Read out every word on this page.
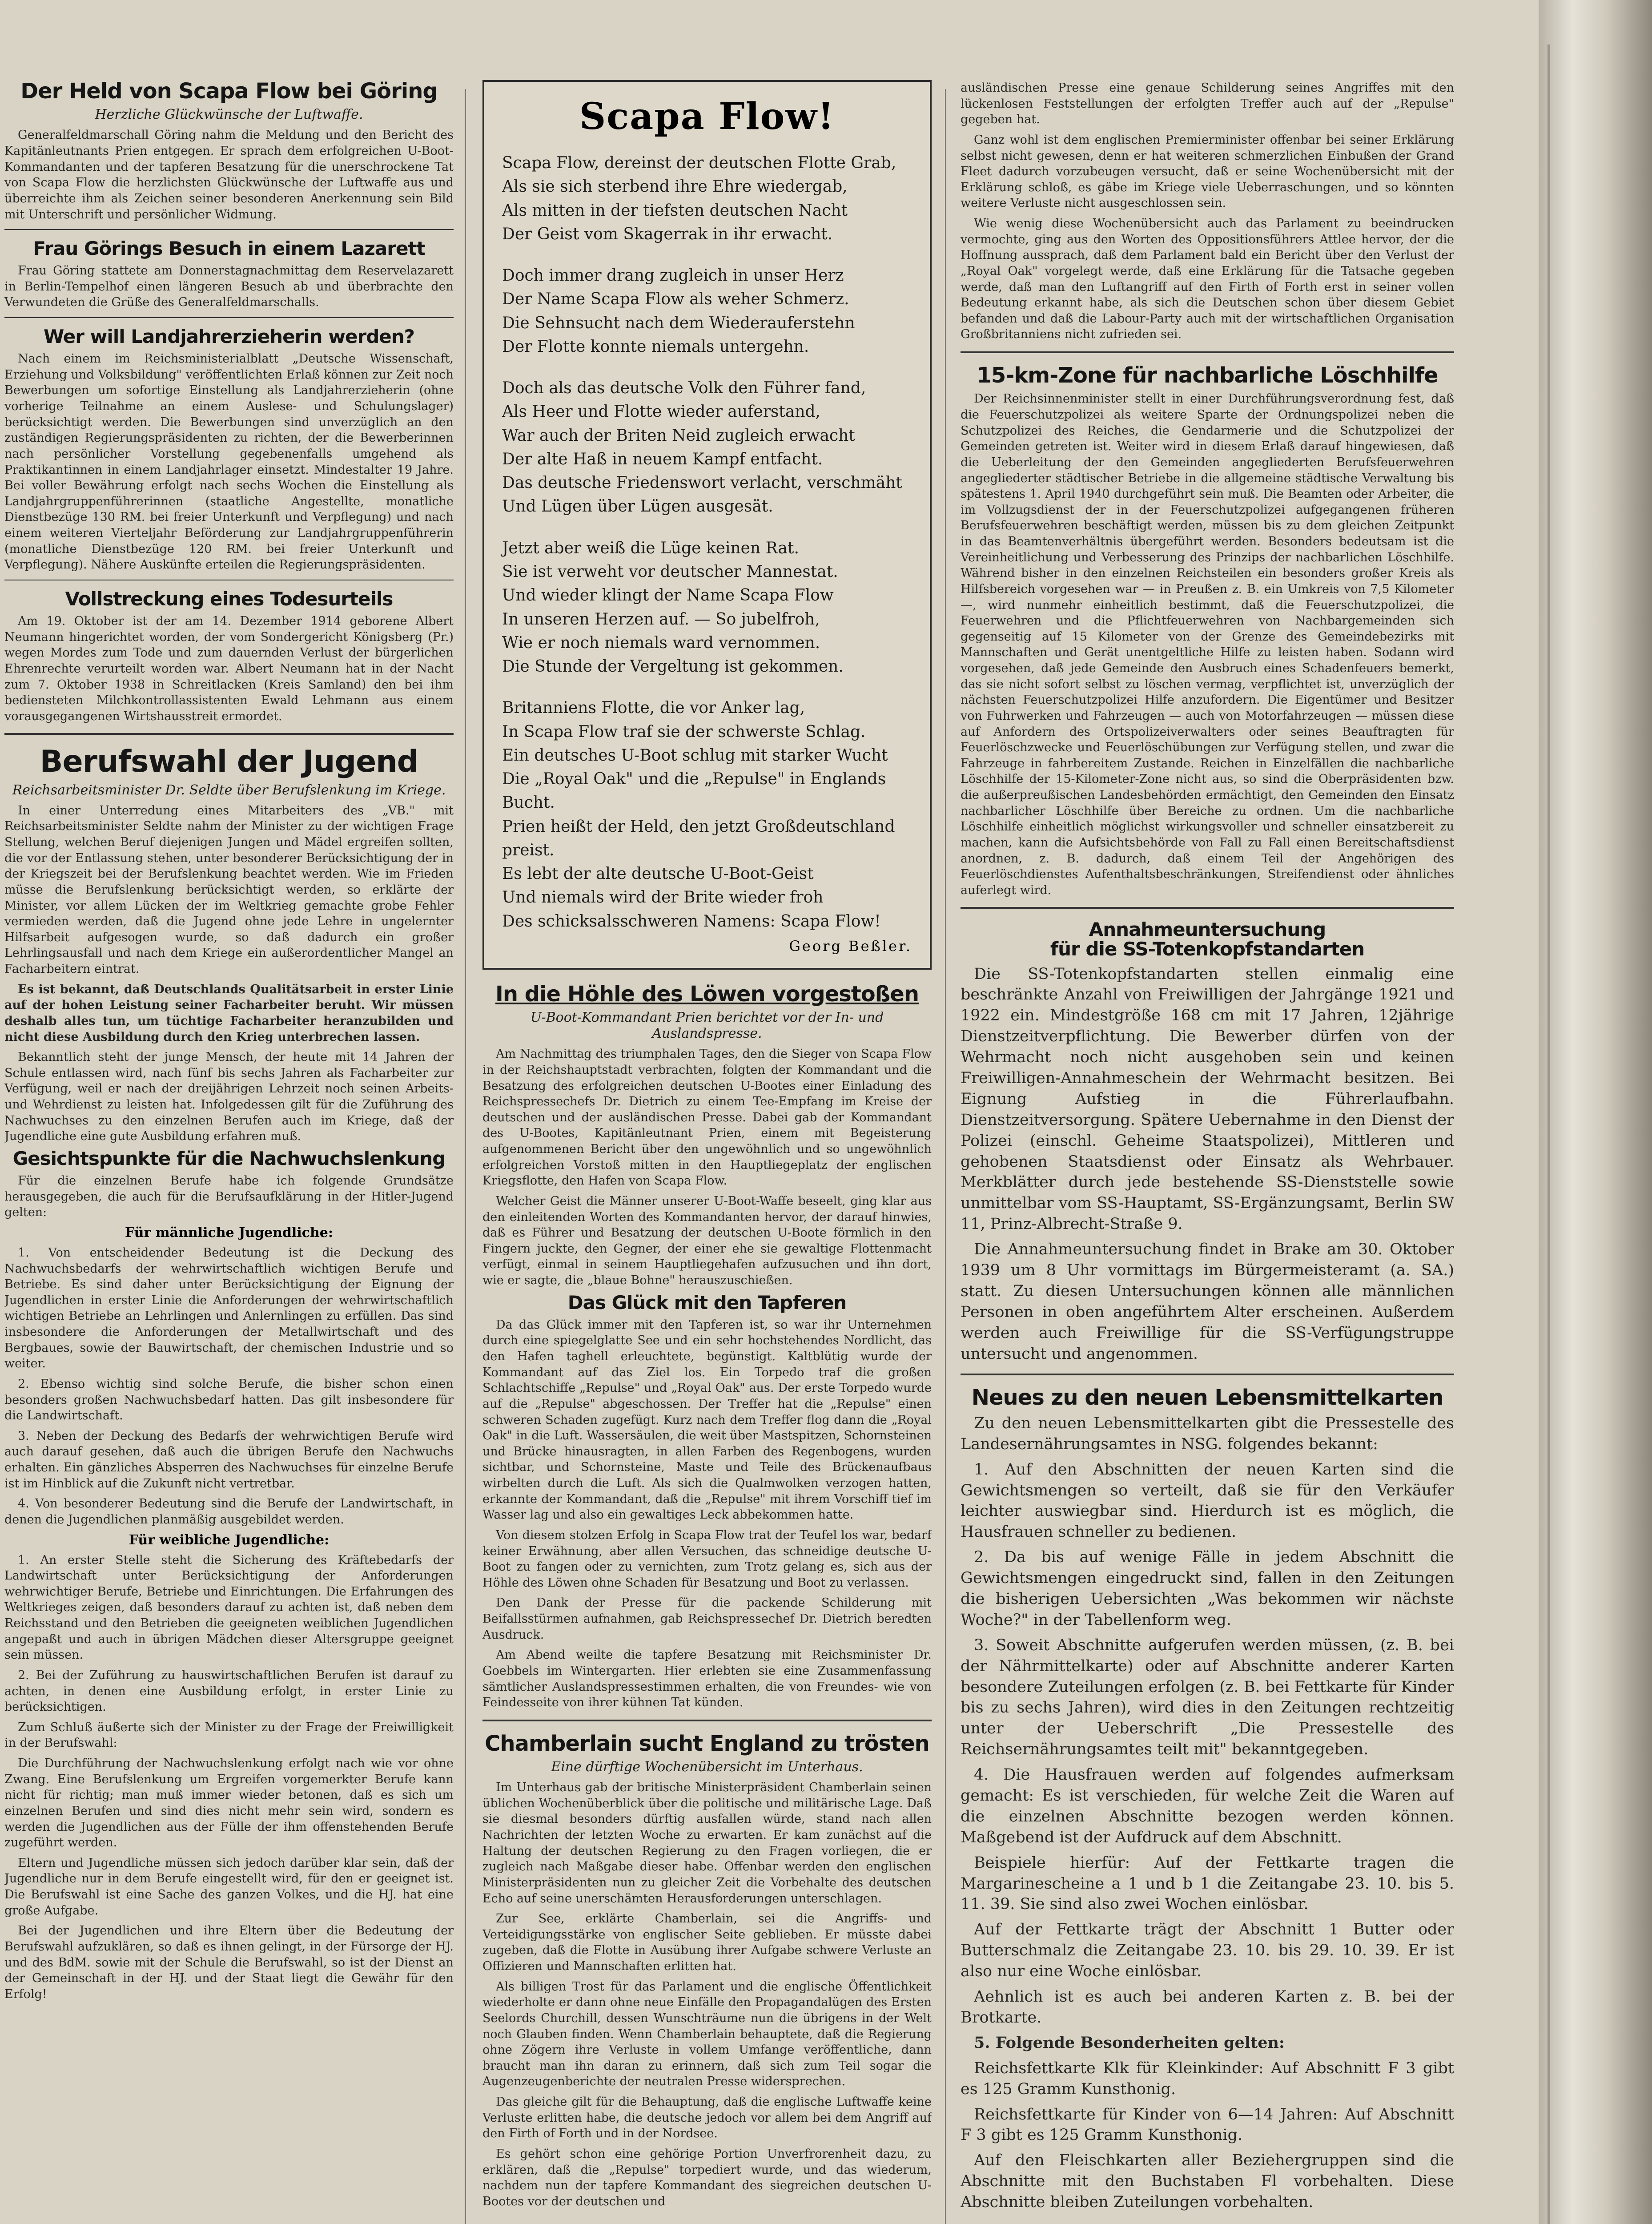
Der Held von Scapa Flow bei Göring
Herzliche Glückwünsche der Luftwaffe.

Generalfeldmarschall Göring nahm die Meldung und den Bericht des Kapitänleutnants Prien entgegen. Er sprach dem erfolgreichen U-Boot-Kommandanten und der tapferen Besatzung für die unerschrockene Tat von Scapa Flow die herzlichsten Glückwünsche der Luftwaffe aus und überreichte ihm als Zeichen seiner besonderen Anerkennung sein Bild mit Unterschrift und persönlicher Widmung.

Frau Görings Besuch in einem Lazarett

Frau Göring stattete am Donnerstagnachmittag dem Reservelazarett in Berlin-Tempelhof einen längeren Besuch ab und überbrachte den Verwundeten die Grüße des Generalfeldmarschalls.

Wer will Landjahrerzieherin werden?

Nach einem im Reichsministerialblatt „Deutsche Wissenschaft, Erziehung und Volksbildung" veröffentlichten Erlaß können zur Zeit noch Bewerbungen um sofortige Einstellung als Landjahrerzieherin (ohne vorherige Teilnahme an einem Auslese- und Schulungslager) berücksichtigt werden. Die Bewerbungen sind unverzüglich an den zuständigen Regierungspräsidenten zu richten, der die Bewerberinnen nach persönlicher Vorstellung gegebenenfalls umgehend als Praktikantinnen in einem Landjahrlager einsetzt. Mindestalter 19 Jahre. Bei voller Bewährung erfolgt nach sechs Wochen die Einstellung als Landjahrgruppenführerinnen (staatliche Angestellte, monatliche Dienstbezüge 130 RM. bei freier Unterkunft und Verpflegung) und nach einem weiteren Vierteljahr Beförderung zur Landjahrgruppenführerin (monatliche Dienstbezüge 120 RM. bei freier Unterkunft und Verpflegung). Nähere Auskünfte erteilen die Regierungspräsidenten.

Vollstreckung eines Todesurteils

Am 19. Oktober ist der am 14. Dezember 1914 geborene Albert Neumann hingerichtet worden, der vom Sondergericht Königsberg (Pr.) wegen Mordes zum Tode und zum dauernden Verlust der bürgerlichen Ehrenrechte verurteilt worden war. Albert Neumann hat in der Nacht zum 7. Oktober 1938 in Schreitlacken (Kreis Samland) den bei ihm bediensteten Milchkontrollassistenten Ewald Lehmann aus einem vorausgegangenen Wirtshausstreit ermordet.

Berufswahl der Jugend
Reichsarbeitsminister Dr. Seldte über Berufslenkung im Kriege.

In einer Unterredung eines Mitarbeiters des „VB." mit Reichsarbeitsminister Seldte nahm der Minister zu der wichtigen Frage Stellung, welchen Beruf diejenigen Jungen und Mädel ergreifen sollten, die vor der Entlassung stehen, unter besonderer Berücksichtigung der in der Kriegszeit bei der Berufslenkung beachtet werden. Wie im Frieden müsse die Berufslenkung berücksichtigt werden, so erklärte der Minister, vor allem Lücken der im Weltkrieg gemachte grobe Fehler vermieden werden, daß die Jugend ohne jede Lehre in ungelernter Hilfsarbeit aufgesogen wurde, so daß dadurch ein großer Lehrlingsausfall und nach dem Kriege ein außerordentlicher Mangel an Facharbeitern eintrat.

Es ist bekannt, daß Deutschlands Qualitätsarbeit in erster Linie auf der hohen Leistung seiner Facharbeiter beruht. Wir müssen deshalb alles tun, um tüchtige Facharbeiter heranzubilden und nicht diese Ausbildung durch den Krieg unterbrechen lassen.

Bekanntlich steht der junge Mensch, der heute mit 14 Jahren der Schule entlassen wird, nach fünf bis sechs Jahren als Facharbeiter zur Verfügung, weil er nach der dreijährigen Lehrzeit noch seinen Arbeits- und Wehrdienst zu leisten hat. Infolgedessen gilt für die Zuführung des Nachwuchses zu den einzelnen Berufen auch im Kriege, daß der Jugendliche eine gute Ausbildung erfahren muß.

Gesichtspunkte für die Nachwuchslenkung

Für die einzelnen Berufe habe ich folgende Grundsätze herausgegeben, die auch für die Berufsaufklärung in der Hitler-Jugend gelten:

Für männliche Jugendliche:

1. Von entscheidender Bedeutung ist die Deckung des Nachwuchsbedarfs der wehrwirtschaftlich wichtigen Berufe und Betriebe. Es sind daher unter Berücksichtigung der Eignung der Jugendlichen in erster Linie die Anforderungen der wehrwirtschaftlich wichtigen Betriebe an Lehrlingen und Anlernlingen zu erfüllen. Das sind insbesondere die Anforderungen der Metallwirtschaft und des Bergbaues, sowie der Bauwirtschaft, der chemischen Industrie und so weiter.

2. Ebenso wichtig sind solche Berufe, die bisher schon einen besonders großen Nachwuchsbedarf hatten. Das gilt insbesondere für die Landwirtschaft.

3. Neben der Deckung des Bedarfs der wehrwichtigen Berufe wird auch darauf gesehen, daß auch die übrigen Berufe den Nachwuchs erhalten. Ein gänzliches Absperren des Nachwuchses für einzelne Berufe ist im Hinblick auf die Zukunft nicht vertretbar.

4. Von besonderer Bedeutung sind die Berufe der Landwirtschaft, in denen die Jugendlichen planmäßig ausgebildet werden.

Für weibliche Jugendliche:

1. An erster Stelle steht die Sicherung des Kräftebedarfs der Landwirtschaft unter Berücksichtigung der Anforderungen wehrwichtiger Berufe, Betriebe und Einrichtungen. Die Erfahrungen des Weltkrieges zeigen, daß besonders darauf zu achten ist, daß neben dem Reichsstand und den Betrieben die geeigneten weiblichen Jugendlichen angepaßt und auch in übrigen Mädchen dieser Altersgruppe geeignet sein müssen.

2. Bei der Zuführung zu hauswirtschaftlichen Berufen ist darauf zu achten, in denen eine Ausbildung erfolgt, in erster Linie zu berücksichtigen.

Zum Schluß äußerte sich der Minister zu der Frage der Freiwilligkeit in der Berufswahl:

Die Durchführung der Nachwuchslenkung erfolgt nach wie vor ohne Zwang. Eine Berufslenkung um Ergreifen vorgemerkter Berufe kann nicht für richtig; man muß immer wieder betonen, daß es sich um einzelnen Berufen und sind dies nicht mehr sein wird, sondern es werden die Jugendlichen aus der Fülle der ihm offenstehenden Berufe zugeführt werden.

Eltern und Jugendliche müssen sich jedoch darüber klar sein, daß der Jugendliche nur in dem Berufe eingestellt wird, für den er geeignet ist. Die Berufswahl ist eine Sache des ganzen Volkes, und die HJ. hat eine große Aufgabe.

Bei der Jugendlichen und ihre Eltern über die Bedeutung der Berufswahl aufzuklären, so daß es ihnen gelingt, in der Fürsorge der HJ. und des BdM. sowie mit der Schule die Berufswahl, so ist der Dienst an der Gemeinschaft in der HJ. und der Staat liegt die Gewähr für den Erfolg!

Scapa Flow!
Scapa Flow, dereinst der deutschen Flotte Grab,
Als sie sich sterbend ihre Ehre wiedergab,
Als mitten in der tiefsten deutschen Nacht
Der Geist vom Skagerrak in ihr erwacht.
Doch immer drang zugleich in unser Herz
Der Name Scapa Flow als weher Schmerz.
Die Sehnsucht nach dem Wiederauferstehn
Der Flotte konnte niemals untergehn.
Doch als das deutsche Volk den Führer fand,
Als Heer und Flotte wieder auferstand,
War auch der Briten Neid zugleich erwacht
Der alte Haß in neuem Kampf entfacht.
Das deutsche Friedenswort verlacht, verschmäht
Und Lügen über Lügen ausgesät.
Jetzt aber weiß die Lüge keinen Rat.
Sie ist verweht vor deutscher Mannestat.
Und wieder klingt der Name Scapa Flow
In unseren Herzen auf. — So jubelfroh,
Wie er noch niemals ward vernommen.
Die Stunde der Vergeltung ist gekommen.
Britanniens Flotte, die vor Anker lag,
In Scapa Flow traf sie der schwerste Schlag.
Ein deutsches U-Boot schlug mit starker Wucht
Die „Royal Oak" und die „Repulse" in Englands Bucht.
Prien heißt der Held, den jetzt Großdeutschland preist.
Es lebt der alte deutsche U-Boot-Geist
Und niemals wird der Brite wieder froh
Des schicksalsschweren Namens: Scapa Flow!
Georg Beßler.
In die Höhle des Löwen vorgestoßen
U-Boot-Kommandant Prien berichtet vor der In- und Auslandspresse.

Am Nachmittag des triumphalen Tages, den die Sieger von Scapa Flow in der Reichshauptstadt verbrachten, folgten der Kommandant und die Besatzung des erfolgreichen deutschen U-Bootes einer Einladung des Reichspressechefs Dr. Dietrich zu einem Tee-Empfang im Kreise der deutschen und der ausländischen Presse. Dabei gab der Kommandant des U-Bootes, Kapitänleutnant Prien, einem mit Begeisterung aufgenommenen Bericht über den ungewöhnlich und so ungewöhnlich erfolgreichen Vorstoß mitten in den Hauptliegeplatz der englischen Kriegsflotte, den Hafen von Scapa Flow.

Welcher Geist die Männer unserer U-Boot-Waffe beseelt, ging klar aus den einleitenden Worten des Kommandanten hervor, der darauf hinwies, daß es Führer und Besatzung der deutschen U-Boote förmlich in den Fingern juckte, den Gegner, der einer ehe sie gewaltige Flottenmacht verfügt, einmal in seinem Hauptliegehafen aufzusuchen und ihn dort, wie er sagte, die „blaue Bohne" herauszuschießen.

Das Glück mit den Tapferen

Da das Glück immer mit den Tapferen ist, so war ihr Unternehmen durch eine spiegelglatte See und ein sehr hochstehendes Nordlicht, das den Hafen taghell erleuchtete, begünstigt. Kaltblütig wurde der Kommandant auf das Ziel los. Ein Torpedo traf die großen Schlachtschiffe „Repulse" und „Royal Oak" aus. Der erste Torpedo wurde auf die „Repulse" abgeschossen. Der Treffer hat die „Repulse" einen schweren Schaden zugefügt. Kurz nach dem Treffer flog dann die „Royal Oak" in die Luft. Wassersäulen, die weit über Mastspitzen, Schornsteinen und Brücke hinausragten, in allen Farben des Regenbogens, wurden sichtbar, und Schornsteine, Maste und Teile des Brückenaufbaus wirbelten durch die Luft. Als sich die Qualmwolken verzogen hatten, erkannte der Kommandant, daß die „Repulse" mit ihrem Vorschiff tief im Wasser lag und also ein gewaltiges Leck abbekommen hatte.

Von diesem stolzen Erfolg in Scapa Flow trat der Teufel los war, bedarf keiner Erwähnung, aber allen Versuchen, das schneidige deutsche U-Boot zu fangen oder zu vernichten, zum Trotz gelang es, sich aus der Höhle des Löwen ohne Schaden für Besatzung und Boot zu verlassen.

Den Dank der Presse für die packende Schilderung mit Beifallsstürmen aufnahmen, gab Reichspressechef Dr. Dietrich beredten Ausdruck.

Am Abend weilte die tapfere Besatzung mit Reichsminister Dr. Goebbels im Wintergarten. Hier erlebten sie eine Zusammenfassung sämtlicher Auslandspressestimmen erhalten, die von Freundes- wie von Feindesseite von ihrer kühnen Tat künden.

Chamberlain sucht England zu trösten
Eine dürftige Wochenübersicht im Unterhaus.

Im Unterhaus gab der britische Ministerpräsident Chamberlain seinen üblichen Wochenüberblick über die politische und militärische Lage. Daß sie diesmal besonders dürftig ausfallen würde, stand nach allen Nachrichten der letzten Woche zu erwarten. Er kam zunächst auf die Haltung der deutschen Regierung zu den Fragen vorliegen, die er zugleich nach Maßgabe dieser habe. Offenbar werden den englischen Ministerpräsidenten nun zu gleicher Zeit die Vorbehalte des deutschen Echo auf seine unerschämten Herausforderungen unterschlagen.

Zur See, erklärte Chamberlain, sei die Angriffs- und Verteidigungsstärke von englischer Seite geblieben. Er müsste dabei zugeben, daß die Flotte in Ausübung ihrer Aufgabe schwere Verluste an Offizieren und Mannschaften erlitten hat.

Als billigen Trost für das Parlament und die englische Öffentlichkeit wiederholte er dann ohne neue Einfälle den Propagandalügen des Ersten Seelords Churchill, dessen Wunschträume nun die übrigens in der Welt noch Glauben finden. Wenn Chamberlain behauptete, daß die Regierung ohne Zögern ihre Verluste in vollem Umfange veröffentliche, dann braucht man ihn daran zu erinnern, daß sich zum Teil sogar die Augenzeugenberichte der neutralen Presse widersprechen.

Das gleiche gilt für die Behauptung, daß die englische Luftwaffe keine Verluste erlitten habe, die deutsche jedoch vor allem bei dem Angriff auf den Firth of Forth und in der Nordsee.

Es gehört schon eine gehörige Portion Unverfrorenheit dazu, zu erklären, daß die „Repulse" torpediert wurde, und das wiederum, nachdem nun der tapfere Kommandant des siegreichen deutschen U-Bootes vor der deutschen und

ausländischen Presse eine genaue Schilderung seines Angriffes mit den lückenlosen Feststellungen der erfolgten Treffer auch auf der „Repulse" gegeben hat.

Ganz wohl ist dem englischen Premierminister offenbar bei seiner Erklärung selbst nicht gewesen, denn er hat weiteren schmerzlichen Einbußen der Grand Fleet dadurch vorzubeugen versucht, daß er seine Wochenübersicht mit der Erklärung schloß, es gäbe im Kriege viele Ueberraschungen, und so könnten weitere Verluste nicht ausgeschlossen sein.

Wie wenig diese Wochenübersicht auch das Parlament zu beeindrucken vermochte, ging aus den Worten des Oppositionsführers Attlee hervor, der die Hoffnung aussprach, daß dem Parlament bald ein Bericht über den Verlust der „Royal Oak" vorgelegt werde, daß eine Erklärung für die Tatsache gegeben werde, daß man den Luftangriff auf den Firth of Forth erst in seiner vollen Bedeutung erkannt habe, als sich die Deutschen schon über diesem Gebiet befanden und daß die Labour-Party auch mit der wirtschaftlichen Organisation Großbritanniens nicht zufrieden sei.

15-km-Zone für nachbarliche Löschhilfe

Der Reichsinnenminister stellt in einer Durchführungsverordnung fest, daß die Feuerschutzpolizei als weitere Sparte der Ordnungspolizei neben die Schutzpolizei des Reiches, die Gendarmerie und die Schutzpolizei der Gemeinden getreten ist. Weiter wird in diesem Erlaß darauf hingewiesen, daß die Ueberleitung der den Gemeinden angegliederten Berufsfeuerwehren angegliederter städtischer Betriebe in die allgemeine städtische Verwaltung bis spätestens 1. April 1940 durchgeführt sein muß. Die Beamten oder Arbeiter, die im Vollzugsdienst der in der Feuerschutzpolizei aufgegangenen früheren Berufsfeuerwehren beschäftigt werden, müssen bis zu dem gleichen Zeitpunkt in das Beamtenverhältnis übergeführt werden. Besonders bedeutsam ist die Vereinheitlichung und Verbesserung des Prinzips der nachbarlichen Löschhilfe. Während bisher in den einzelnen Reichsteilen ein besonders großer Kreis als Hilfsbereich vorgesehen war — in Preußen z. B. ein Umkreis von 7,5 Kilometer —, wird nunmehr einheitlich bestimmt, daß die Feuerschutzpolizei, die Feuerwehren und die Pflichtfeuerwehren von Nachbargemeinden sich gegenseitig auf 15 Kilometer von der Grenze des Gemeindebezirks mit Mannschaften und Gerät unentgeltliche Hilfe zu leisten haben. Sodann wird vorgesehen, daß jede Gemeinde den Ausbruch eines Schadenfeuers bemerkt, das sie nicht sofort selbst zu löschen vermag, verpflichtet ist, unverzüglich der nächsten Feuerschutzpolizei Hilfe anzufordern. Die Eigentümer und Besitzer von Fuhrwerken und Fahrzeugen — auch von Motorfahrzeugen — müssen diese auf Anfordern des Ortspolizeiverwalters oder seines Beauftragten für Feuerlöschzwecke und Feuerlöschübungen zur Verfügung stellen, und zwar die Fahrzeuge in fahrbereitem Zustande. Reichen in Einzelfällen die nachbarliche Löschhilfe der 15-Kilometer-Zone nicht aus, so sind die Oberpräsidenten bzw. die außerpreußischen Landesbehörden ermächtigt, den Gemeinden den Einsatz nachbarlicher Löschhilfe über Bereiche zu ordnen. Um die nachbarliche Löschhilfe einheitlich möglichst wirkungsvoller und schneller einsatzbereit zu machen, kann die Aufsichtsbehörde von Fall zu Fall einen Bereitschaftsdienst anordnen, z. B. dadurch, daß einem Teil der Angehörigen des Feuerlöschdienstes Aufenthaltsbeschränkungen, Streifendienst oder ähnliches auferlegt wird.

Annahmeuntersuchung
für die SS-Totenkopfstandarten

Die SS-Totenkopfstandarten stellen einmalig eine beschränkte Anzahl von Freiwilligen der Jahrgänge 1921 und 1922 ein. Mindestgröße 168 cm mit 17 Jahren, 12jährige Dienstzeitverpflichtung. Die Bewerber dürfen von der Wehrmacht noch nicht ausgehoben sein und keinen Freiwilligen-Annahmeschein der Wehrmacht besitzen. Bei Eignung Aufstieg in die Führerlaufbahn. Dienstzeitversorgung. Spätere Uebernahme in den Dienst der Polizei (einschl. Geheime Staatspolizei), Mittleren und gehobenen Staatsdienst oder Einsatz als Wehrbauer. Merkblätter durch jede bestehende SS-Dienststelle sowie unmittelbar vom SS-Hauptamt, SS-Ergänzungsamt, Berlin SW 11, Prinz-Albrecht-Straße 9.

Die Annahmeuntersuchung findet in Brake am 30. Oktober 1939 um 8 Uhr vormittags im Bürgermeisteramt (a. SA.) statt. Zu diesen Untersuchungen können alle männlichen Personen in oben angeführtem Alter erscheinen. Außerdem werden auch Freiwillige für die SS-Verfügungstruppe untersucht und angenommen.

Neues zu den neuen Lebensmittelkarten

Zu den neuen Lebensmittelkarten gibt die Pressestelle des Landesernährungsamtes in NSG. folgendes bekannt:

1. Auf den Abschnitten der neuen Karten sind die Gewichtsmengen so verteilt, daß sie für den Verkäufer leichter auswiegbar sind. Hierdurch ist es möglich, die Hausfrauen schneller zu bedienen.

2. Da bis auf wenige Fälle in jedem Abschnitt die Gewichtsmengen eingedruckt sind, fallen in den Zeitungen die bisherigen Uebersichten „Was bekommen wir nächste Woche?" in der Tabellenform weg.

3. Soweit Abschnitte aufgerufen werden müssen, (z. B. bei der Nährmittelkarte) oder auf Abschnitte anderer Karten besondere Zuteilungen erfolgen (z. B. bei Fettkarte für Kinder bis zu sechs Jahren), wird dies in den Zeitungen rechtzeitig unter der Ueberschrift „Die Pressestelle des Reichsernährungsamtes teilt mit" bekanntgegeben.

4. Die Hausfrauen werden auf folgendes aufmerksam gemacht: Es ist verschieden, für welche Zeit die Waren auf die einzelnen Abschnitte bezogen werden können. Maßgebend ist der Aufdruck auf dem Abschnitt.

Beispiele hierfür: Auf der Fettkarte tragen die Margarinescheine a 1 und b 1 die Zeitangabe 23. 10. bis 5. 11. 39. Sie sind also zwei Wochen einlösbar.

Auf der Fettkarte trägt der Abschnitt 1 Butter oder Butterschmalz die Zeitangabe 23. 10. bis 29. 10. 39. Er ist also nur eine Woche einlösbar.

Aehnlich ist es auch bei anderen Karten z. B. bei der Brotkarte.

5. Folgende Besonderheiten gelten:

Reichsfettkarte Klk für Kleinkinder: Auf Abschnitt F 3 gibt es 125 Gramm Kunsthonig.

Reichsfettkarte für Kinder von 6—14 Jahren: Auf Abschnitt F 3 gibt es 125 Gramm Kunsthonig.

Auf den Fleischkarten aller Beziehergruppen sind die Abschnitte mit den Buchstaben Fl vorbehalten. Diese Abschnitte bleiben Zuteilungen vorbehalten.
